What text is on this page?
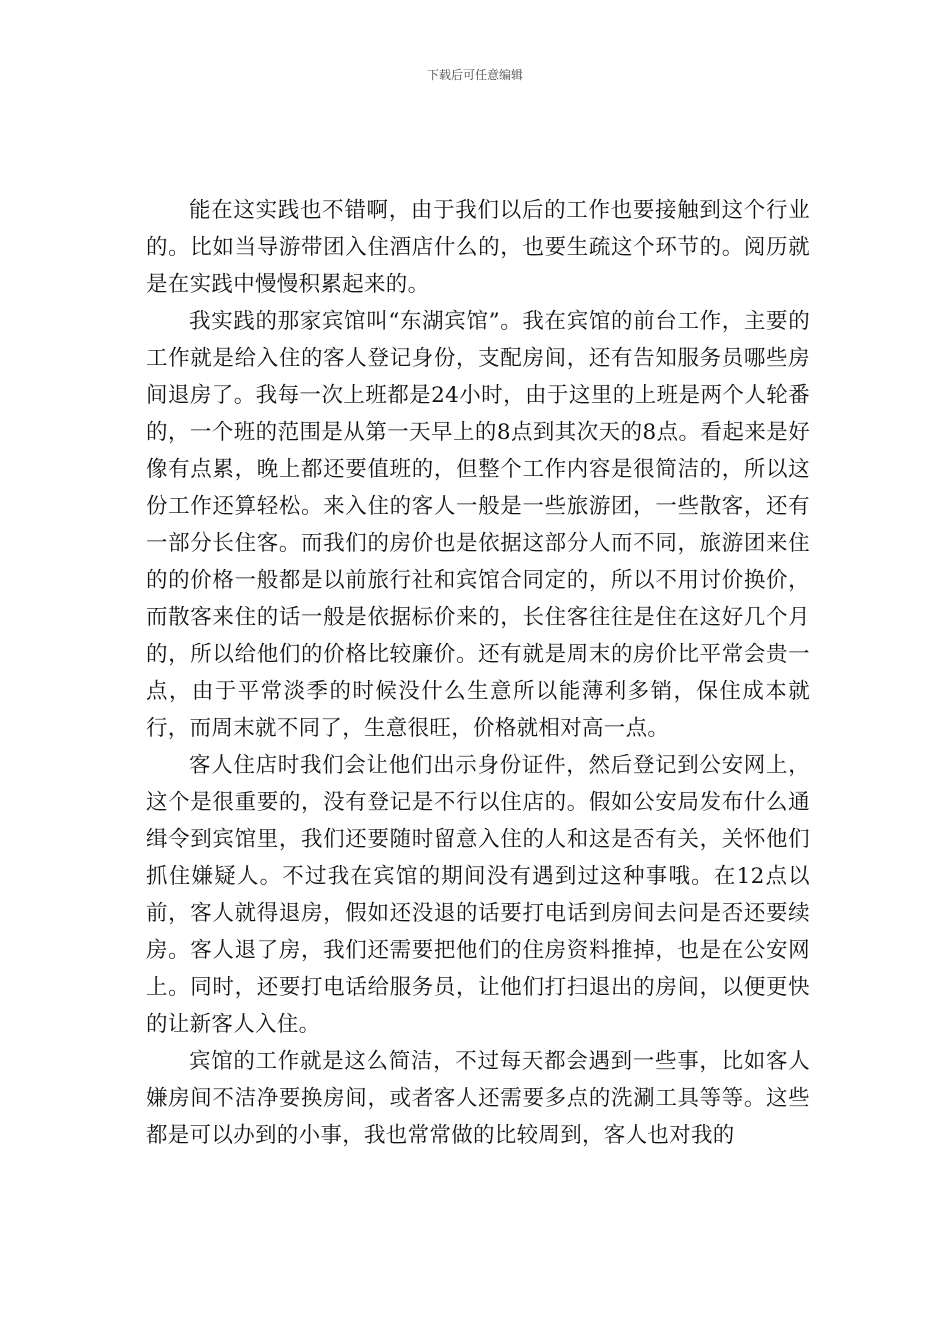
下载后可任意编辑

能在这实践也不错啊，由于我们以后的工作也要接触到这个行业的。比如当导游带团入住酒店什么的，也要生疏这个环节的。阅历就是在实践中慢慢积累起来的。

我实践的那家宾馆叫“东湖宾馆”。我在宾馆的前台工作，主要的工作就是给入住的客人登记身份，支配房间，还有告知服务员哪些房间退房了。我每一次上班都是24小时，由于这里的上班是两个人轮番的，一个班的范围是从第一天早上的8点到其次天的8点。看起来是好像有点累，晚上都还要值班的，但整个工作内容是很简洁的，所以这份工作还算轻松。来入住的客人一般是一些旅游团，一些散客，还有一部分长住客。而我们的房价也是依据这部分人而不同，旅游团来住的的价格一般都是以前旅行社和宾馆合同定的，所以不用讨价换价，而散客来住的话一般是依据标价来的，长住客往往是住在这好几个月的，所以给他们的价格比较廉价。还有就是周末的房价比平常会贵一点，由于平常淡季的时候没什么生意所以能薄利多销，保住成本就行，而周末就不同了，生意很旺，价格就相对高一点。

客人住店时我们会让他们出示身份证件，然后登记到公安网上，这个是很重要的，没有登记是不行以住店的。假如公安局发布什么通缉令到宾馆里，我们还要随时留意入住的人和这是否有关，关怀他们抓住嫌疑人。不过我在宾馆的期间没有遇到过这种事哦。在12点以前，客人就得退房，假如还没退的话要打电话到房间去问是否还要续房。客人退了房，我们还需要把他们的住房资料推掉，也是在公安网上。同时，还要打电话给服务员，让他们打扫退出的房间，以便更快的让新客人入住。

宾馆的工作就是这么简洁，不过每天都会遇到一些事，比如客人嫌房间不洁净要换房间，或者客人还需要多点的洗涮工具等等。这些都是可以办到的小事，我也常常做的比较周到，客人也对我的
